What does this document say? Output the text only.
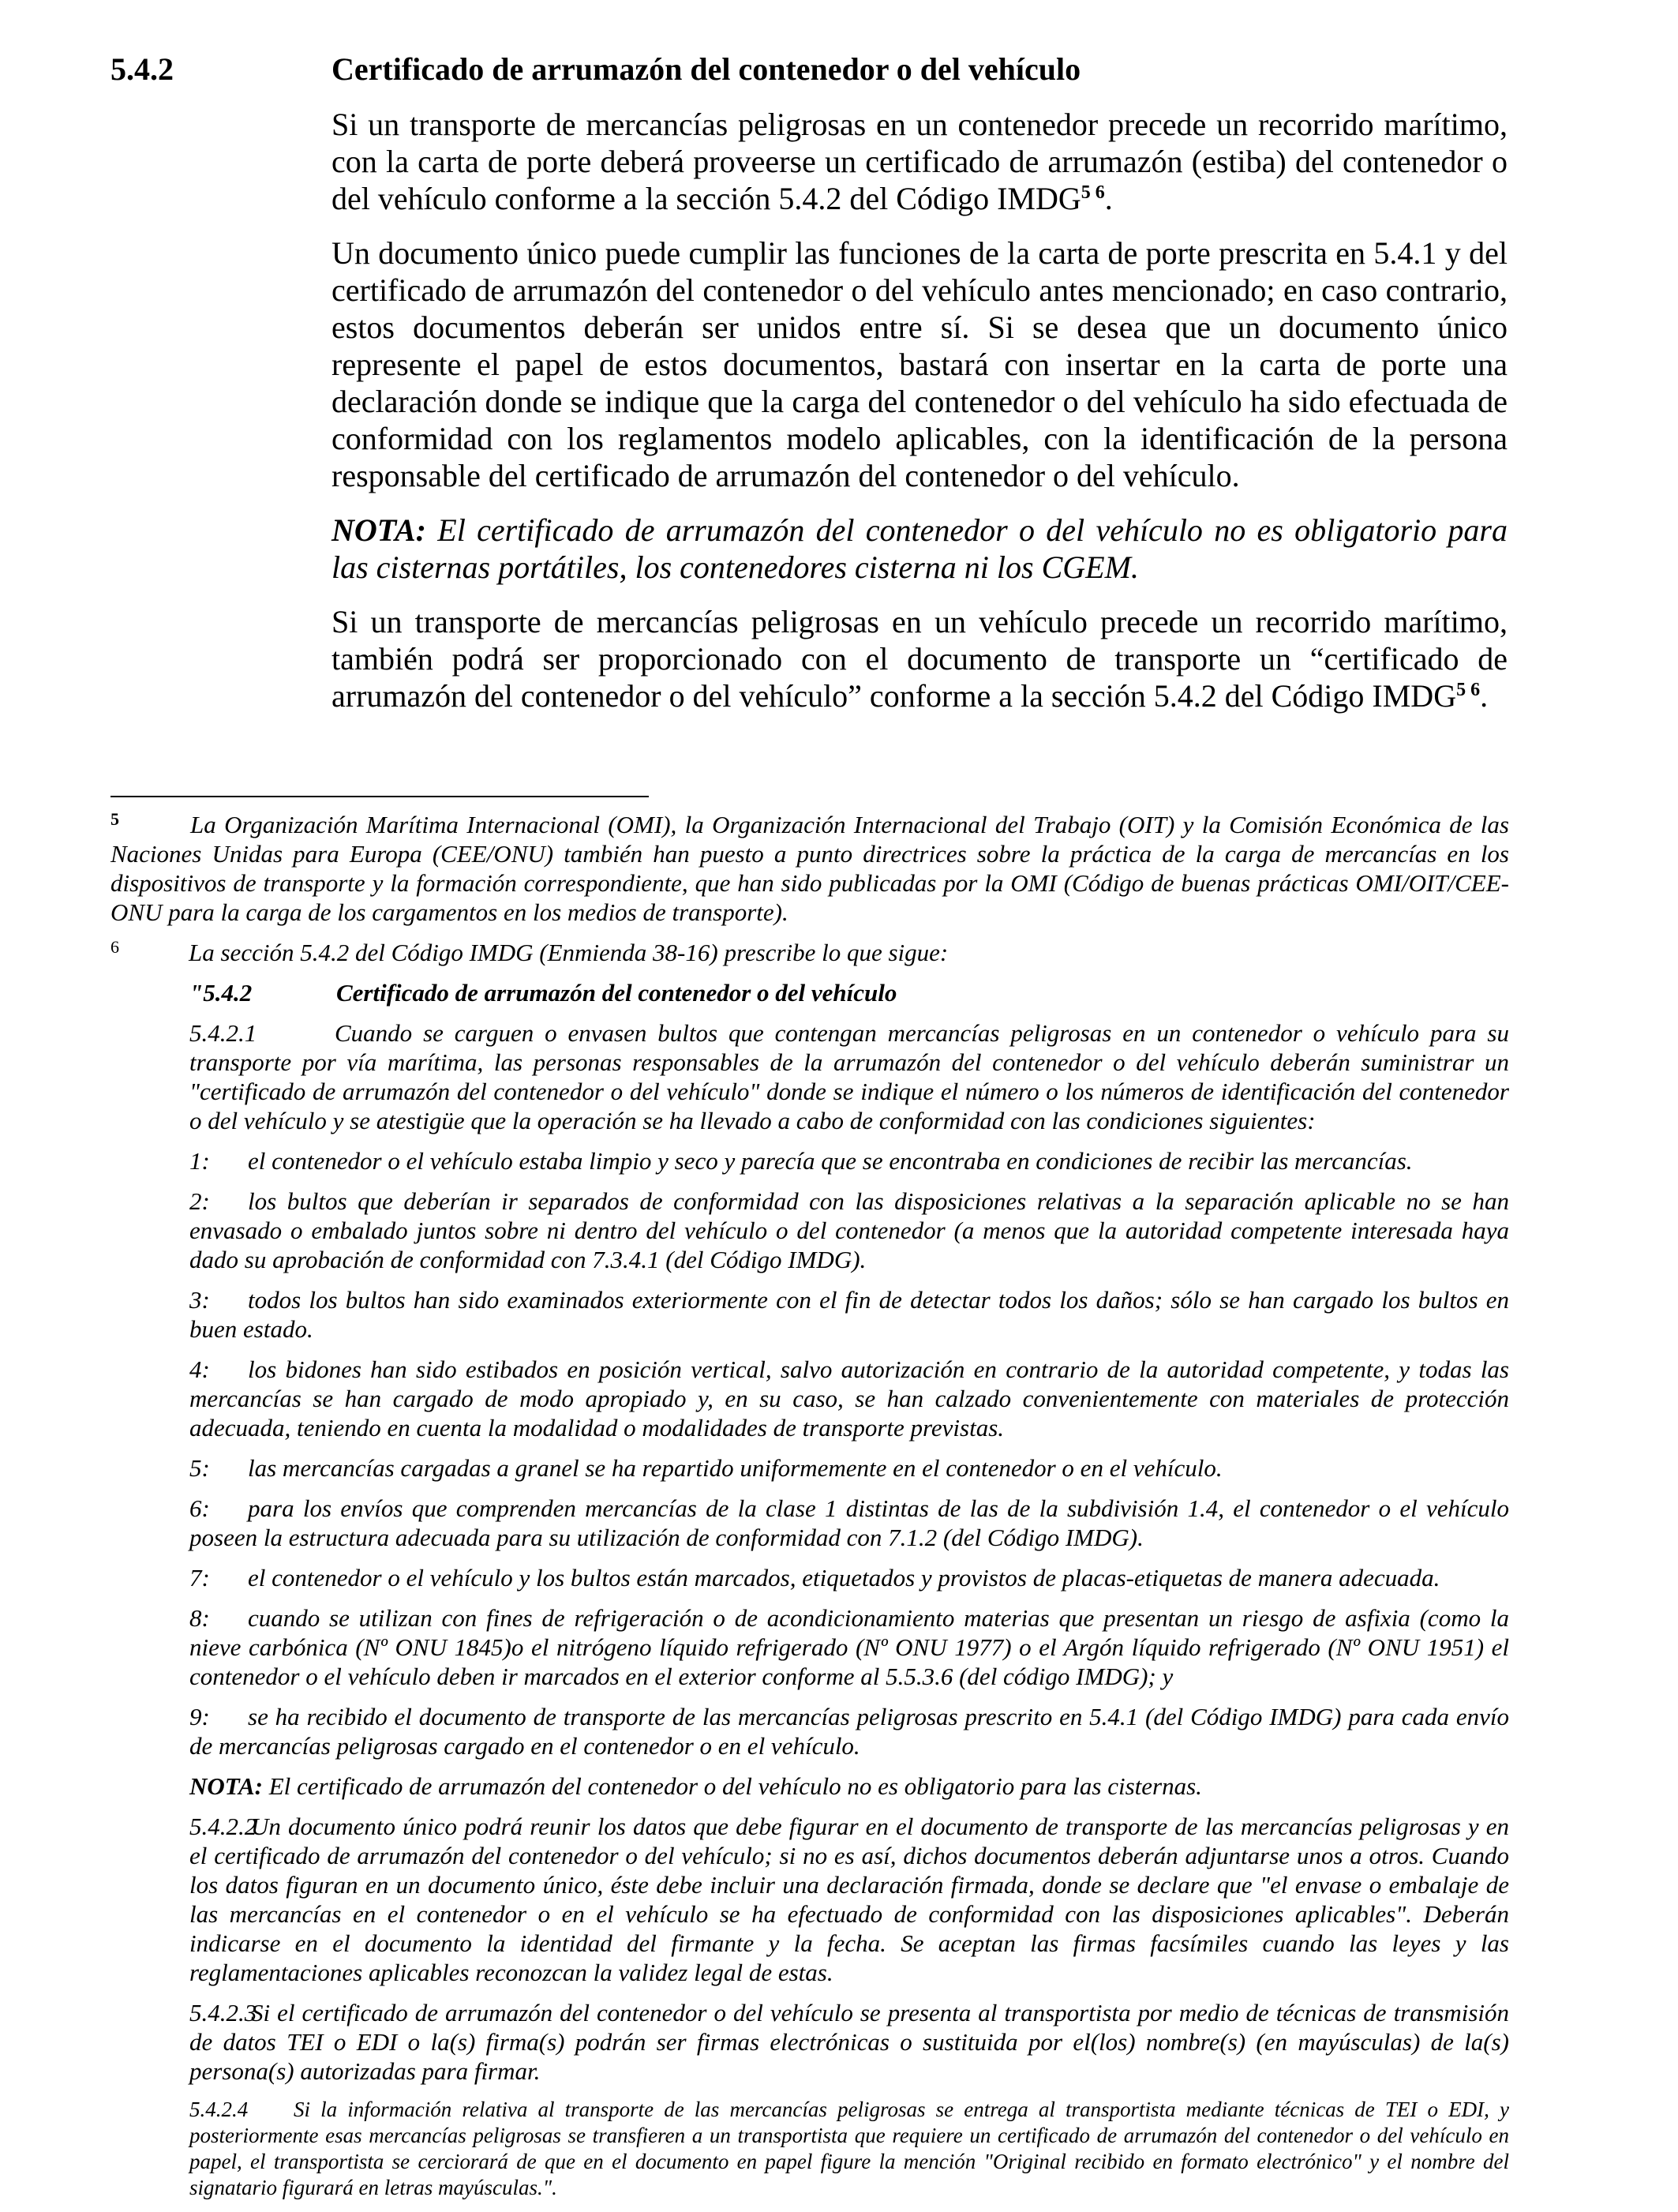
5.4.2	Certificado de arrumazón del contenedor o del vehículo

Si un transporte de mercancías peligrosas en un contenedor precede un recorrido marítimo, con la carta de porte deberá proveerse un certificado de arrumazón (estiba) del contenedor o del vehículo conforme a la sección 5.4.2 del Código $IMDG^{5 6}$.

Un documento único puede cumplir las funciones de la carta de porte prescrita en 5.4.1 y del certificado de arrumazón del contenedor o del vehículo antes mencionado; en caso contrario, estos documentos deberán ser unidos entre sí. Si se desea que un documento único represente el papel de estos documentos, bastará con insertar en la carta de porte una declaración donde se indique que la carga del contenedor o del vehículo ha sido efectuada de conformidad con los reglamentos modelo aplicables, con la identificación de la persona responsable del certificado de arrumazón del contenedor o del vehículo.

NOTA: El certificado de arrumazón del contenedor o del vehículo no es obligatorio para las cisternas portátiles, los contenedores cisterna ni los CGEM.

Si un transporte de mercancías peligrosas en un vehículo precede un recorrido marítimo, también podrá ser proporcionado con el documento de transporte un “certificado de arrumazón del contenedor o del vehículo” conforme a la sección 5.4.2 del Código $IMDG^{5 6}$.

$^5$	La Organización Marítima Internacional (OMI), la Organización Internacional del Trabajo (OIT) y la Comisión Económica de las Naciones Unidas para Europa (CEE/ONU) también han puesto a punto directrices sobre la práctica de la carga de mercancías en los dispositivos de transporte y la formación correspondiente, que han sido publicadas por la OMI (Código de buenas prácticas OMI/OIT/CEE-ONU para la carga de los cargamentos en los medios de transporte).

$^6$	La sección 5.4.2 del Código IMDG (Enmienda 38-16) prescribe lo que sigue:

"5.4.2	Certificado de arrumazón del contenedor o del vehículo

5.4.2.1	Cuando se carguen o envasen bultos que contengan mercancías peligrosas en un contenedor o vehículo para su transporte por vía marítima, las personas responsables de la arrumazón del contenedor o del vehículo deberán suministrar un "certificado de arrumazón del contenedor o del vehículo" donde se indique el número o los números de identificación del contenedor o del vehículo y se atestigüe que la operación se ha llevado a cabo de conformidad con las condiciones siguientes:

1: el contenedor o el vehículo estaba limpio y seco y parecía que se encontraba en condiciones de recibir las mercancías.

2: los bultos que deberían ir separados de conformidad con las disposiciones relativas a la separación aplicable no se han envasado o embalado juntos sobre ni dentro del vehículo o del contenedor (a menos que la autoridad competente interesada haya dado su aprobación de conformidad con 7.3.4.1 (del Código IMDG).

3: todos los bultos han sido examinados exteriormente con el fin de detectar todos los daños; sólo se han cargado los bultos en buen estado.

4: los bidones han sido estibados en posición vertical, salvo autorización en contrario de la autoridad competente, y todas las mercancías se han cargado de modo apropiado y, en su caso, se han calzado convenientemente con materiales de protección adecuada, teniendo en cuenta la modalidad o modalidades de transporte previstas.

5: las mercancías cargadas a granel se ha repartido uniformemente en el contenedor o en el vehículo.

6: para los envíos que comprenden mercancías de la clase 1 distintas de las de la subdivisión 1.4, el contenedor o el vehículo poseen la estructura adecuada para su utilización de conformidad con 7.1.2 (del Código IMDG).

7: el contenedor o el vehículo y los bultos están marcados, etiquetados y provistos de placas-etiquetas de manera adecuada.

8: cuando se utilizan con fines de refrigeración o de acondicionamiento materias que presentan un riesgo de asfixia (como la nieve carbónica (Nº ONU 1845)o el nitrógeno líquido refrigerado (Nº ONU 1977) o el Argón líquido refrigerado (Nº ONU 1951) el contenedor o el vehículo deben ir marcados en el exterior conforme al 5.5.3.6 (del código IMDG); y

9: se ha recibido el documento de transporte de las mercancías peligrosas prescrito en 5.4.1 (del Código IMDG) para cada envío de mercancías peligrosas cargado en el contenedor o en el vehículo.

NOTA: El certificado de arrumazón del contenedor o del vehículo no es obligatorio para las cisternas.

5.4.2.2Un documento único podrá reunir los datos que debe figurar en el documento de transporte de las mercancías peligrosas y en el certificado de arrumazón del contenedor o del vehículo; si no es así, dichos documentos deberán adjuntarse unos a otros. Cuando los datos figuran en un documento único, éste debe incluir una declaración firmada, donde se declare que "el envase o embalaje de las mercancías en el contenedor o en el vehículo se ha efectuado de conformidad con las disposiciones aplicables". Deberán indicarse en el documento la identidad del firmante y la fecha. Se aceptan las firmas facsímiles cuando las leyes y las reglamentaciones aplicables reconozcan la validez legal de estas.

5.4.2.3Si el certificado de arrumazón del contenedor o del vehículo se presenta al transportista por medio de técnicas de transmisión de datos TEI o EDI o la(s) firma(s) podrán ser firmas electrónicas o sustituida por el(los) nombre(s) (en mayúsculas) de la(s) persona(s) autorizadas para firmar.

5.4.2.4 Si la información relativa al transporte de las mercancías peligrosas se entrega al transportista mediante técnicas de TEI o EDI, y posteriormente esas mercancías peligrosas se transfieren a un transportista que requiere un certificado de arrumazón del contenedor o del vehículo en papel, el transportista se cerciorará de que en el documento en papel figure la mención "Original recibido en formato electrónico" y el nombre del signatario figurará en letras mayúsculas.".
